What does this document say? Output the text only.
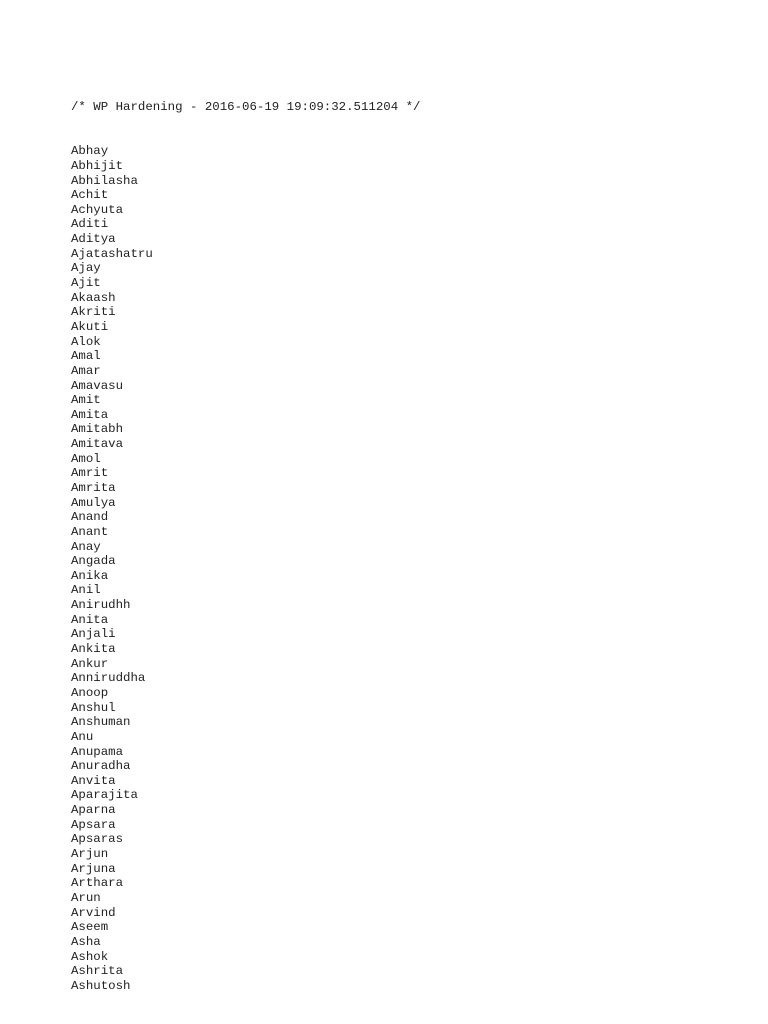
/* WP Hardening - 2016-06-19 19:09:32.511204 */

Abhay
Abhijit
Abhilasha
Achit
Achyuta
Aditi
Aditya
Ajatashatru
Ajay
Ajit
Akaash
Akriti
Akuti
Alok
Amal
Amar
Amavasu
Amit
Amita
Amitabh
Amitava
Amol
Amrit
Amrita
Amulya
Anand
Anant
Anay
Angada
Anika
Anil
Anirudhh
Anita
Anjali
Ankita
Ankur
Anniruddha
Anoop
Anshul
Anshuman
Anu
Anupama
Anuradha
Anvita
Aparajita
Aparna
Apsara
Apsaras
Arjun
Arjuna
Arthara
Arun
Arvind
Aseem
Asha
Ashok
Ashrita
Ashutosh
